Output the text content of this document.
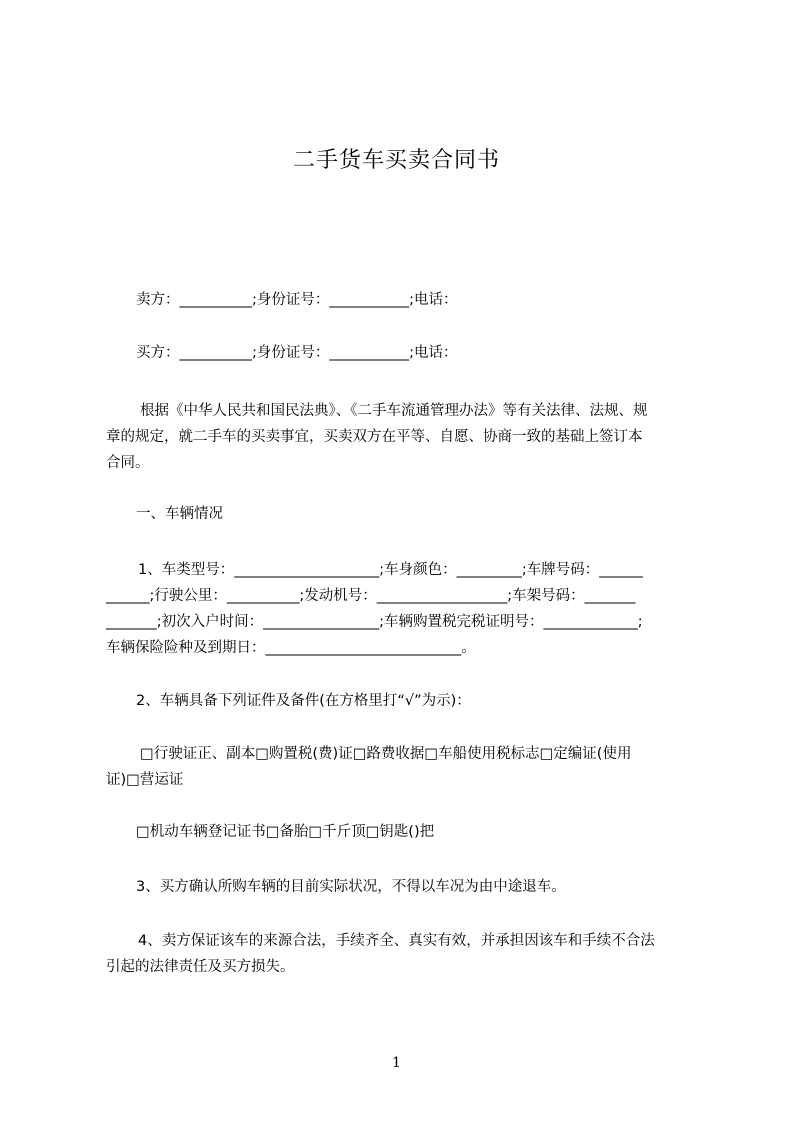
二手货车买卖合同书
卖方：__________;身份证号：___________;电话：
买方：__________;身份证号：___________;电话：
根据《中华人民共和国民法典》、《二手车流通管理办法》等有关法律、法规、规
章的规定，就二手车的买卖事宜，买卖双方在平等、自愿、协商一致的基础上签订本
合同。
一、车辆情况
1、车类型号：____________________;车身颜色：_________;车牌号码：______
______;行驶公里：__________;发动机号：__________________;车架号码：_______
_______;初次入户时间：________________;车辆购置税完税证明号：_____________;
车辆保险险种及到期日：___________________________。
2、车辆具备下列证件及备件(在方格里打“√”为示)：
□行驶证正、副本□购置税(费)证□路费收据□车船使用税标志□定编证(使用
证)□营运证
□机动车辆登记证书□备胎□千斤顶□钥匙()把
3、买方确认所购车辆的目前实际状况，不得以车况为由中途退车。
4、卖方保证该车的来源合法，手续齐全、真实有效，并承担因该车和手续不合法
引起的法律责任及买方损失。
1
